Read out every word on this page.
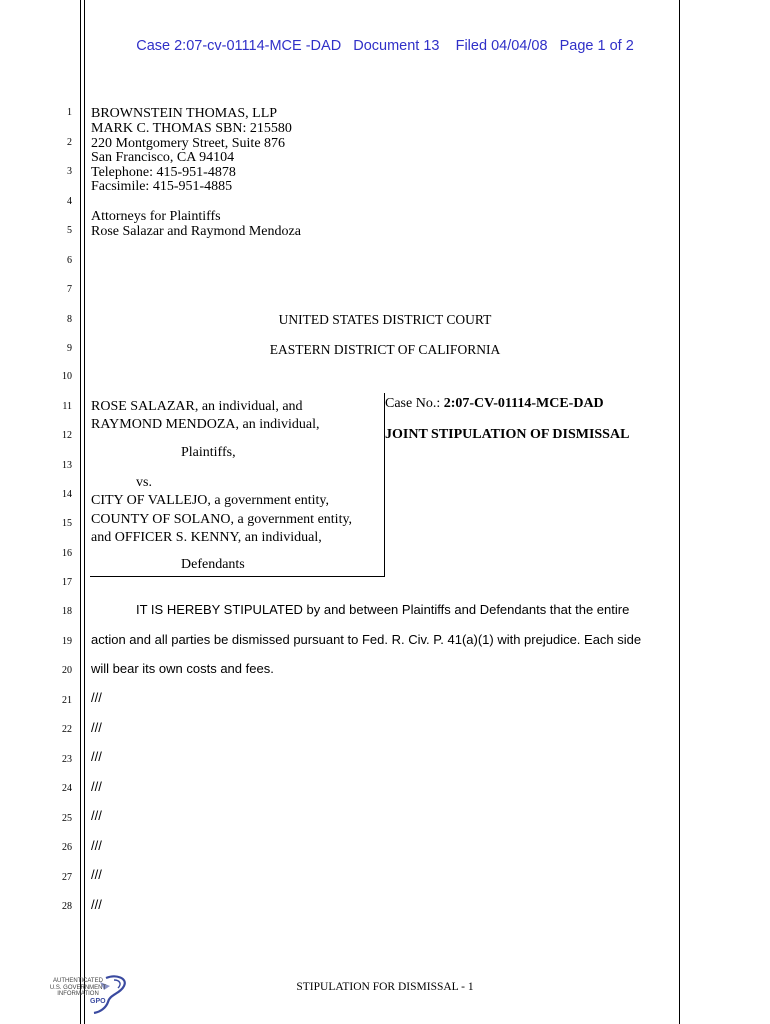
Case 2:07-cv-01114-MCE -DAD   Document 13    Filed 04/04/08   Page 1 of 2
1
2
3
4
5
6
7
8
9
10
11
12
13
14
15
16
17
18
19
20
21
22
23
24
25
26
27
28
BROWNSTEIN THOMAS, LLP
MARK C. THOMAS SBN: 215580
220 Montgomery Street, Suite 876
San Francisco, CA 94104
Telephone: 415-951-4878
Facsimile: 415-951-4885
Attorneys for Plaintiffs
Rose Salazar and Raymond Mendoza
UNITED STATES DISTRICT COURT
EASTERN DISTRICT OF CALIFORNIA
ROSE SALAZAR, an individual, and
RAYMOND MENDOZA, an individual,
Plaintiffs,
vs.
CITY OF VALLEJO, a government entity,
COUNTY OF SOLANO, a government entity,
and OFFICER S. KENNY, an individual,
Defendants
Case No.: 2:07-CV-01114-MCE-DAD
JOINT STIPULATION OF DISMISSAL
IT IS HEREBY STIPULATED by and between Plaintiffs and Defendants that the entire
action and all parties be dismissed pursuant to Fed. R. Civ. P. 41(a)(1) with prejudice. Each side
will bear its own costs and fees.
///
///
///
///
///
///
///
///
STIPULATION FOR DISMISSAL - 1
AUTHENTICATED
U.S. GOVERNMENT
INFORMATION
GPO
